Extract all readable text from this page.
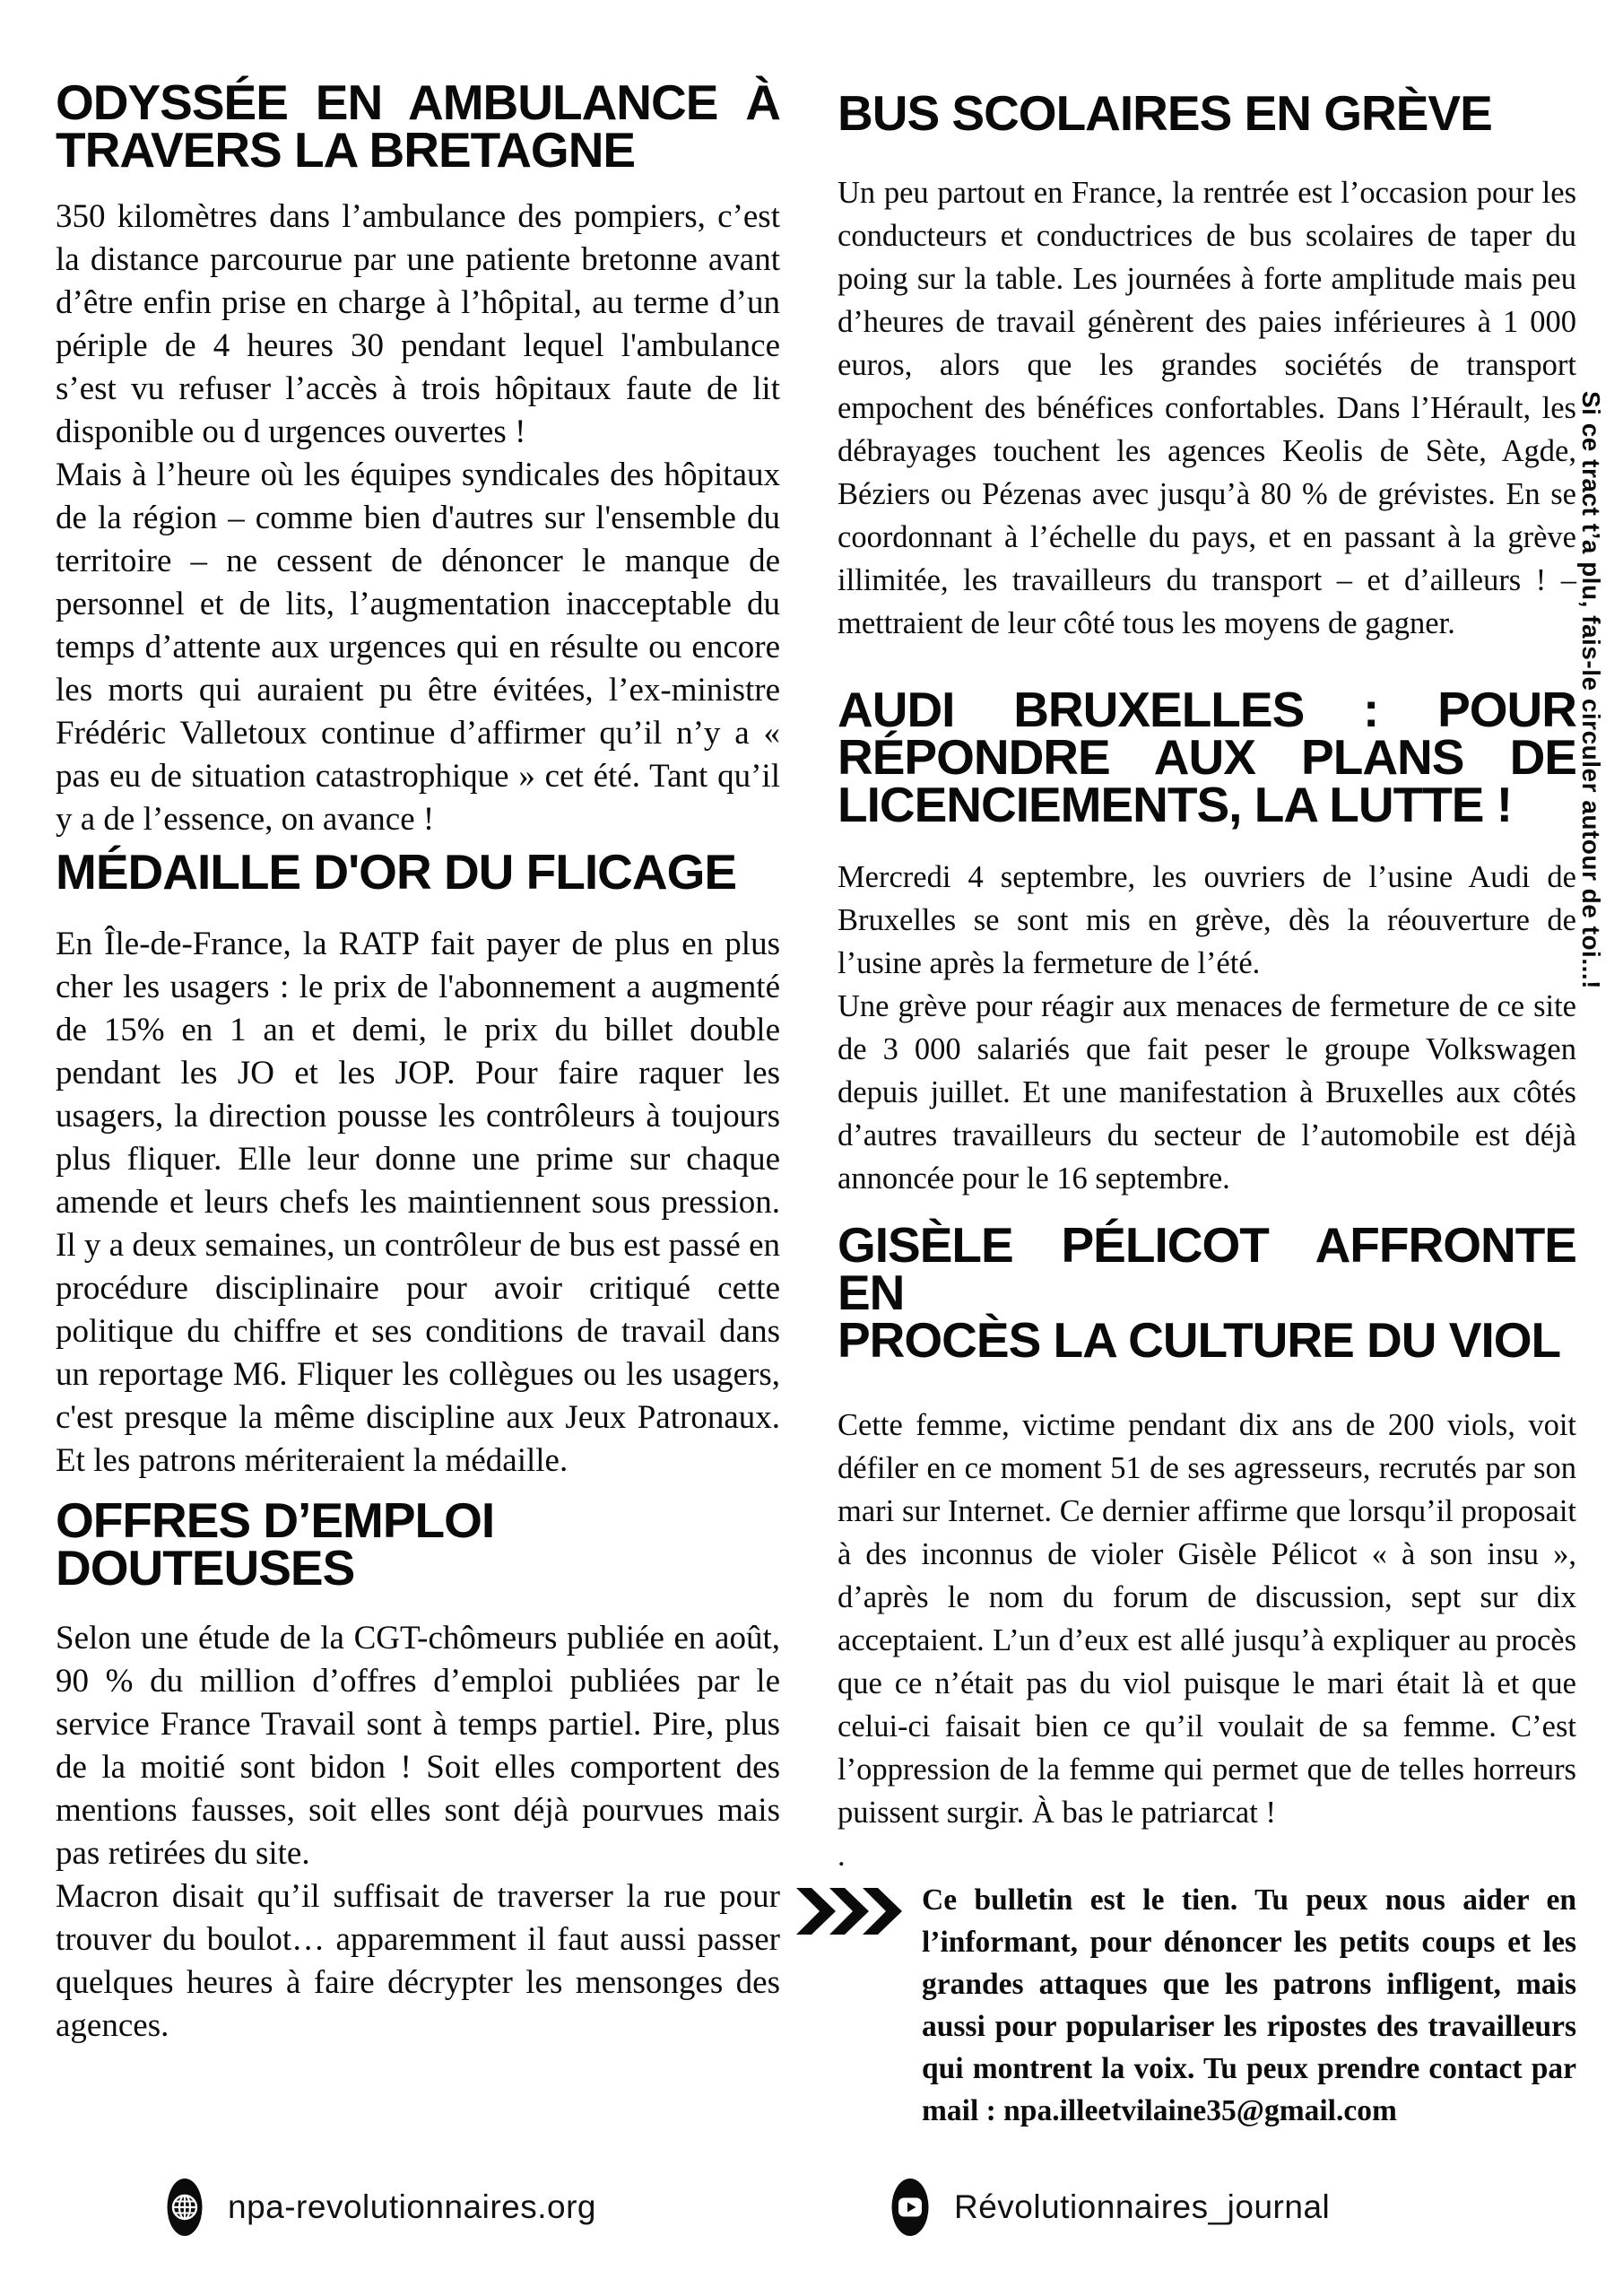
ODYSSÉE EN AMBULANCE À
TRAVERS LA BRETAGNE

350 kilomètres dans l’ambulance des pompiers, c’est la distance parcourue par une patiente bretonne avant d’être enfin prise en charge à l’hôpital, au terme d’un périple de 4 heures 30 pendant lequel l'ambulance s’est vu refuser l’accès à trois hôpitaux faute de lit disponible ou d urgences ouvertes !

Mais à l’heure où les équipes syndicales des hôpitaux de la région – comme bien d'autres sur l'ensemble du territoire – ne cessent de dénoncer le manque de personnel et de lits, l’augmentation inacceptable du temps d’attente aux urgences qui en résulte ou encore les morts qui auraient pu être évitées, l’ex-ministre Frédéric Valletoux continue d’affirmer qu’il n’y a « pas eu de situation catastrophique » cet été. Tant qu’il y a de l’essence, on avance !

MÉDAILLE D'OR DU FLICAGE

En Île-de-France, la RATP fait payer de plus en plus cher les usagers : le prix de l'abonnement a augmenté de 15% en 1 an et demi, le prix du billet double pendant les JO et les JOP. Pour faire raquer les usagers, la direction pousse les contrôleurs à toujours plus fliquer. Elle leur donne une prime sur chaque amende et leurs chefs les maintiennent sous pression. Il y a deux semaines, un contrôleur de bus est passé en procédure disciplinaire pour avoir critiqué cette politique du chiffre et ses conditions de travail dans un reportage M6. Fliquer les collègues ou les usagers, c'est presque la même discipline aux Jeux Patronaux. Et les patrons mériteraient la médaille.

OFFRES D’EMPLOI DOUTEUSES

Selon une étude de la CGT-chômeurs publiée en août, 90 % du million d’offres d’emploi publiées par le service France Travail sont à temps partiel. Pire, plus de la moitié sont bidon ! Soit elles comportent des mentions fausses, soit elles sont déjà pourvues mais pas retirées du site.

Macron disait qu’il suffisait de traverser la rue pour trouver du boulot… apparemment il faut aussi passer quelques heures à faire décrypter les mensonges des agences.

BUS SCOLAIRES EN GRÈVE

Un peu partout en France, la rentrée est l’occasion pour les conducteurs et conductrices de bus scolaires de taper du poing sur la table. Les journées à forte amplitude mais peu d’heures de travail génèrent des paies inférieures à 1 000 euros, alors que les grandes sociétés de transport empochent des bénéfices confortables. Dans l’Hérault, les débrayages touchent les agences Keolis de Sète, Agde, Béziers ou Pézenas avec jusqu’à 80 % de grévistes. En se coordonnant à l’échelle du pays, et en passant à la grève illimitée, les travailleurs du transport – et d’ailleurs ! – mettraient de leur côté tous les moyens de gagner.

AUDI BRUXELLES : POUR
RÉPONDRE AUX PLANS DE
LICENCIEMENTS, LA LUTTE !

Mercredi 4 septembre, les ouvriers de l’usine Audi de Bruxelles se sont mis en grève, dès la réouverture de l’usine après la fermeture de l’été.

Une grève pour réagir aux menaces de fermeture de ce site de 3 000 salariés que fait peser le groupe Volkswagen depuis juillet. Et une manifestation à Bruxelles aux côtés d’autres travailleurs du secteur de l’automobile est déjà annoncée pour le 16 septembre.

GISÈLE PÉLICOT AFFRONTE EN
PROCÈS LA CULTURE DU VIOL

Cette femme, victime pendant dix ans de 200 viols, voit défiler en ce moment 51 de ses agresseurs, recrutés par son mari sur Internet. Ce dernier affirme que lorsqu’il proposait à des inconnus de violer Gisèle Pélicot « à son insu », d’après le nom du forum de discussion, sept sur dix acceptaient. L’un d’eux est allé jusqu’à expliquer au procès que ce n’était pas du viol puisque le mari était là et que celui-ci faisait bien ce qu’il voulait de sa femme. C’est l’oppression de la femme qui permet que de telles horreurs puissent surgir. À bas le patriarcat !

.

Ce bulletin est le tien. Tu peux nous aider en l’informant, pour dénoncer les petits coups et les grandes attaques que les patrons infligent, mais aussi pour populariser les ripostes des travailleurs qui montrent la voix. Tu peux prendre contact par mail : npa.illeetvilaine35@gmail.com

Si ce tract t’a plu, fais-le circuler autour de toi...!
npa-revolutionnaires.org	Révolutionnaires_journal
